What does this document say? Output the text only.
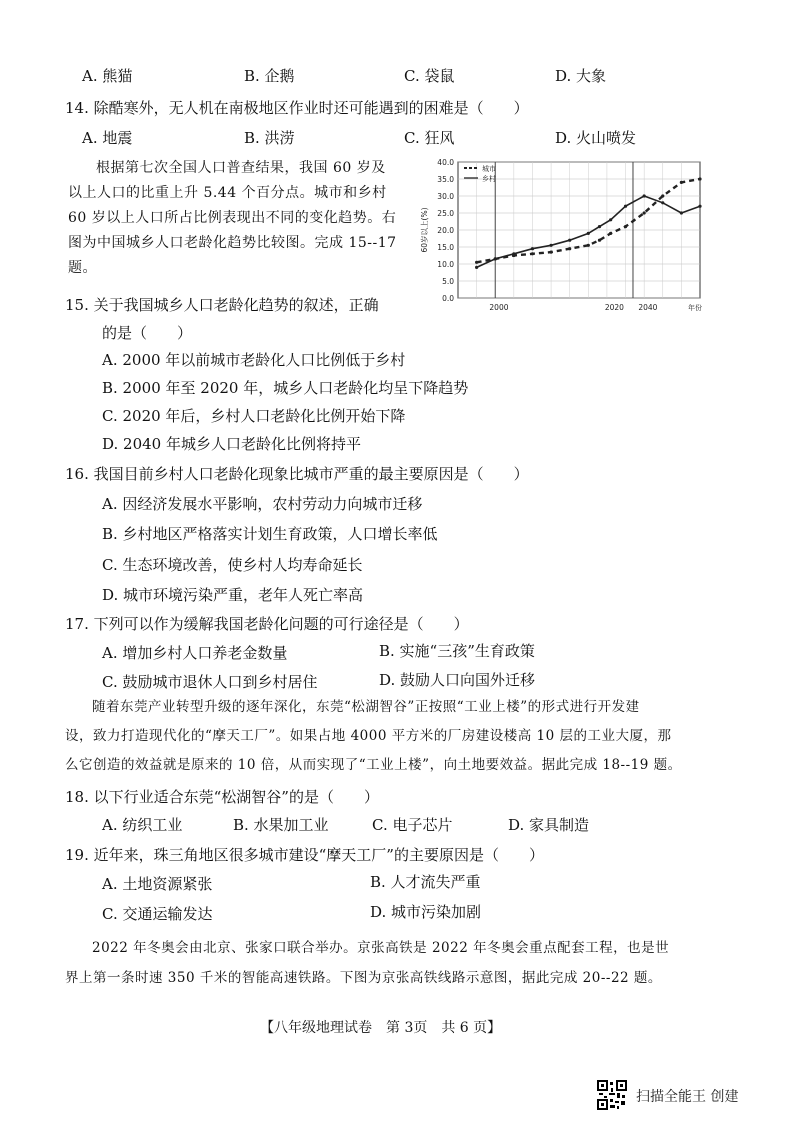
A. 熊猫	B. 企鹅	C. 袋鼠	D. 大象
14. 除酷寒外，无人机在南极地区作业时还可能遇到的困难是（　　）
A. 地震	B. 洪涝	C. 狂风	D. 火山喷发
根据第七次全国人口普查结果，我国 60 岁及
以上人口的比重上升 5.44 个百分点。城市和乡村
60 岁以上人口所占比例表现出不同的变化趋势。右
图为中国城乡人口老龄化趋势比较图。完成 15--17
题。
0.0
5.0
10.0
15.0
20.0
25.0
30.0
35.0
40.0
2000	2020 2040	年份
60岁以上(%)
城市
乡村
15. 关于我国城乡人口老龄化趋势的叙述，正确
的是（　　）
A. 2000 年以前城市老龄化人口比例低于乡村
B. 2000 年至 2020 年，城乡人口老龄化均呈下降趋势
C. 2020 年后，乡村人口老龄化比例开始下降
D. 2040 年城乡人口老龄化比例将持平
16. 我国目前乡村人口老龄化现象比城市严重的最主要原因是（　　）
A. 因经济发展水平影响，农村劳动力向城市迁移
B. 乡村地区严格落实计划生育政策，人口增长率低
C. 生态环境改善，使乡村人均寿命延长
D. 城市环境污染严重，老年人死亡率高
17. 下列可以作为缓解我国老龄化问题的可行途径是（　　）
A. 增加乡村人口养老金数量	B. 实施“三孩”生育政策
C. 鼓励城市退休人口到乡村居住	D. 鼓励人口向国外迁移
随着东莞产业转型升级的逐年深化，东莞“松湖智谷”正按照“工业上楼”的形式进行开发建
设，致力打造现代化的“摩天工厂”。如果占地 4000 平方米的厂房建设楼高 10 层的工业大厦，那
么它创造的效益就是原来的 10 倍，从而实现了“工业上楼”，向土地要效益。据此完成 18--19 题。
18. 以下行业适合东莞“松湖智谷”的是（　　）
A. 纺织工业	B. 水果加工业	C. 电子芯片	D. 家具制造
19. 近年来，珠三角地区很多城市建设“摩天工厂”的主要原因是（　　）
A. 土地资源紧张	B. 人才流失严重
C. 交通运输发达	D. 城市污染加剧
2022 年冬奥会由北京、张家口联合举办。京张高铁是 2022 年冬奥会重点配套工程，也是世
界上第一条时速 350 千米的智能高速铁路。下图为京张高铁线路示意图，据此完成 20--22 题。
【八年级地理试卷　第 3页　共 6 页】
扫描全能王 创建
